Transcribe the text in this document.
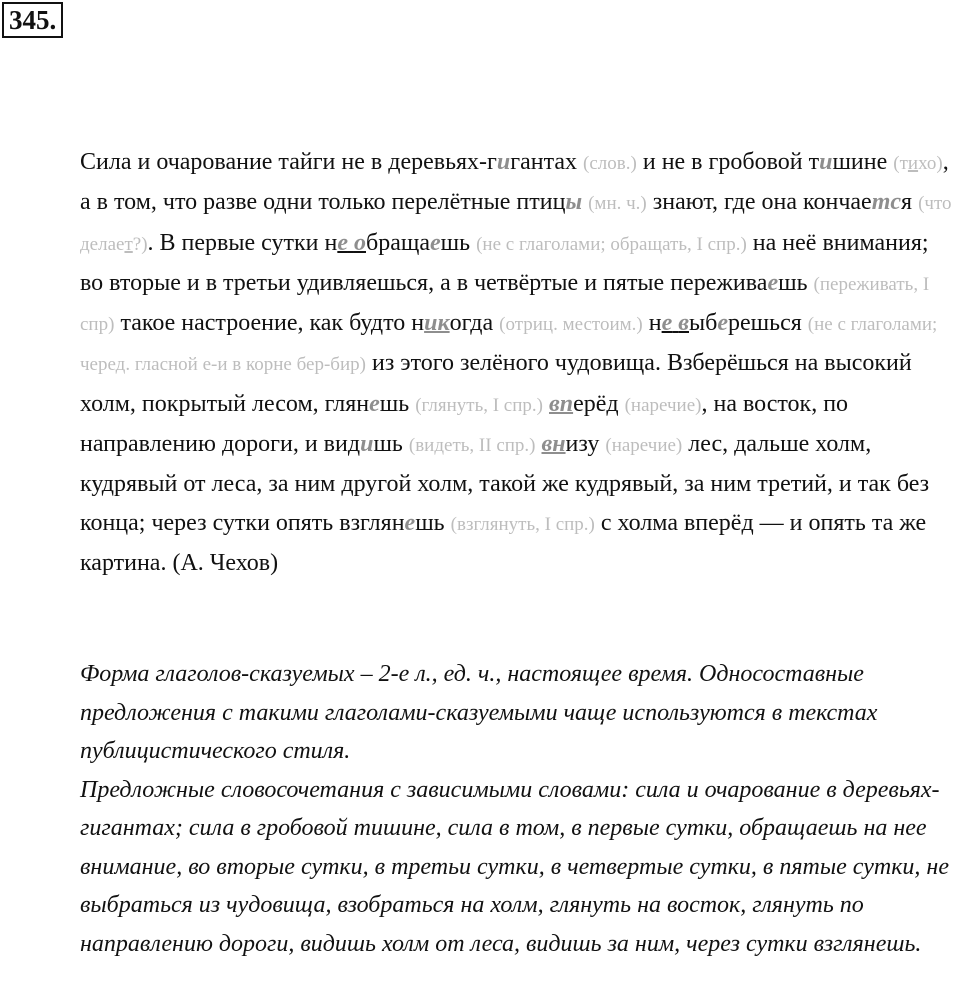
345.

Сила и очарование тайги не в деревьях-гигантах (слов.) и не в гробовой тишине (тихо), а в том, что разве одни только перелётные птицы (мн. ч.) знают, где она кончается (что делает?). В первые сутки не обращаешь (не с глаголами; обращать, I спр.) на неё внимания; во вторые и в третьи удивляешься, а в четвёртые и пятые переживаешь (переживать, I спр) такое настроение, как будто никогда (отриц. местоим.) не выберешься (не с глаголами; черед. гласной е-и в корне бер-бир) из этого зелёного чудовища. Взберёшься на высокий холм, покрытый лесом, глянешь (глянуть, I спр.) вперёд (наречие), на восток, по направлению дороги, и видишь (видеть, II спр.) внизу (наречие) лес, дальше холм, кудрявый от леса, за ним другой холм, такой же кудрявый, за ним третий, и так без конца; через сутки опять взглянешь (взглянуть, I спр.) с холма вперёд — и опять та же картина. (А. Чехов)

Форма глаголов-сказуемых – 2-е л., ед. ч., настоящее время. Односоставные предложения с такими глаголами-сказуемыми чаще используются в текстах публицистического стиля.

Предложные словосочетания с зависимыми словами: сила и очарование в деревьях-гигантах; сила в гробовой тишине, сила в том, в первые сутки, обращаешь на нее внимание, во вторые сутки, в третьи сутки, в четвертые сутки, в пятые сутки, не выбраться из чудовища, взобраться на холм, глянуть на восток, глянуть по направлению дороги, видишь холм от леса, видишь за ним, через сутки взглянешь.
